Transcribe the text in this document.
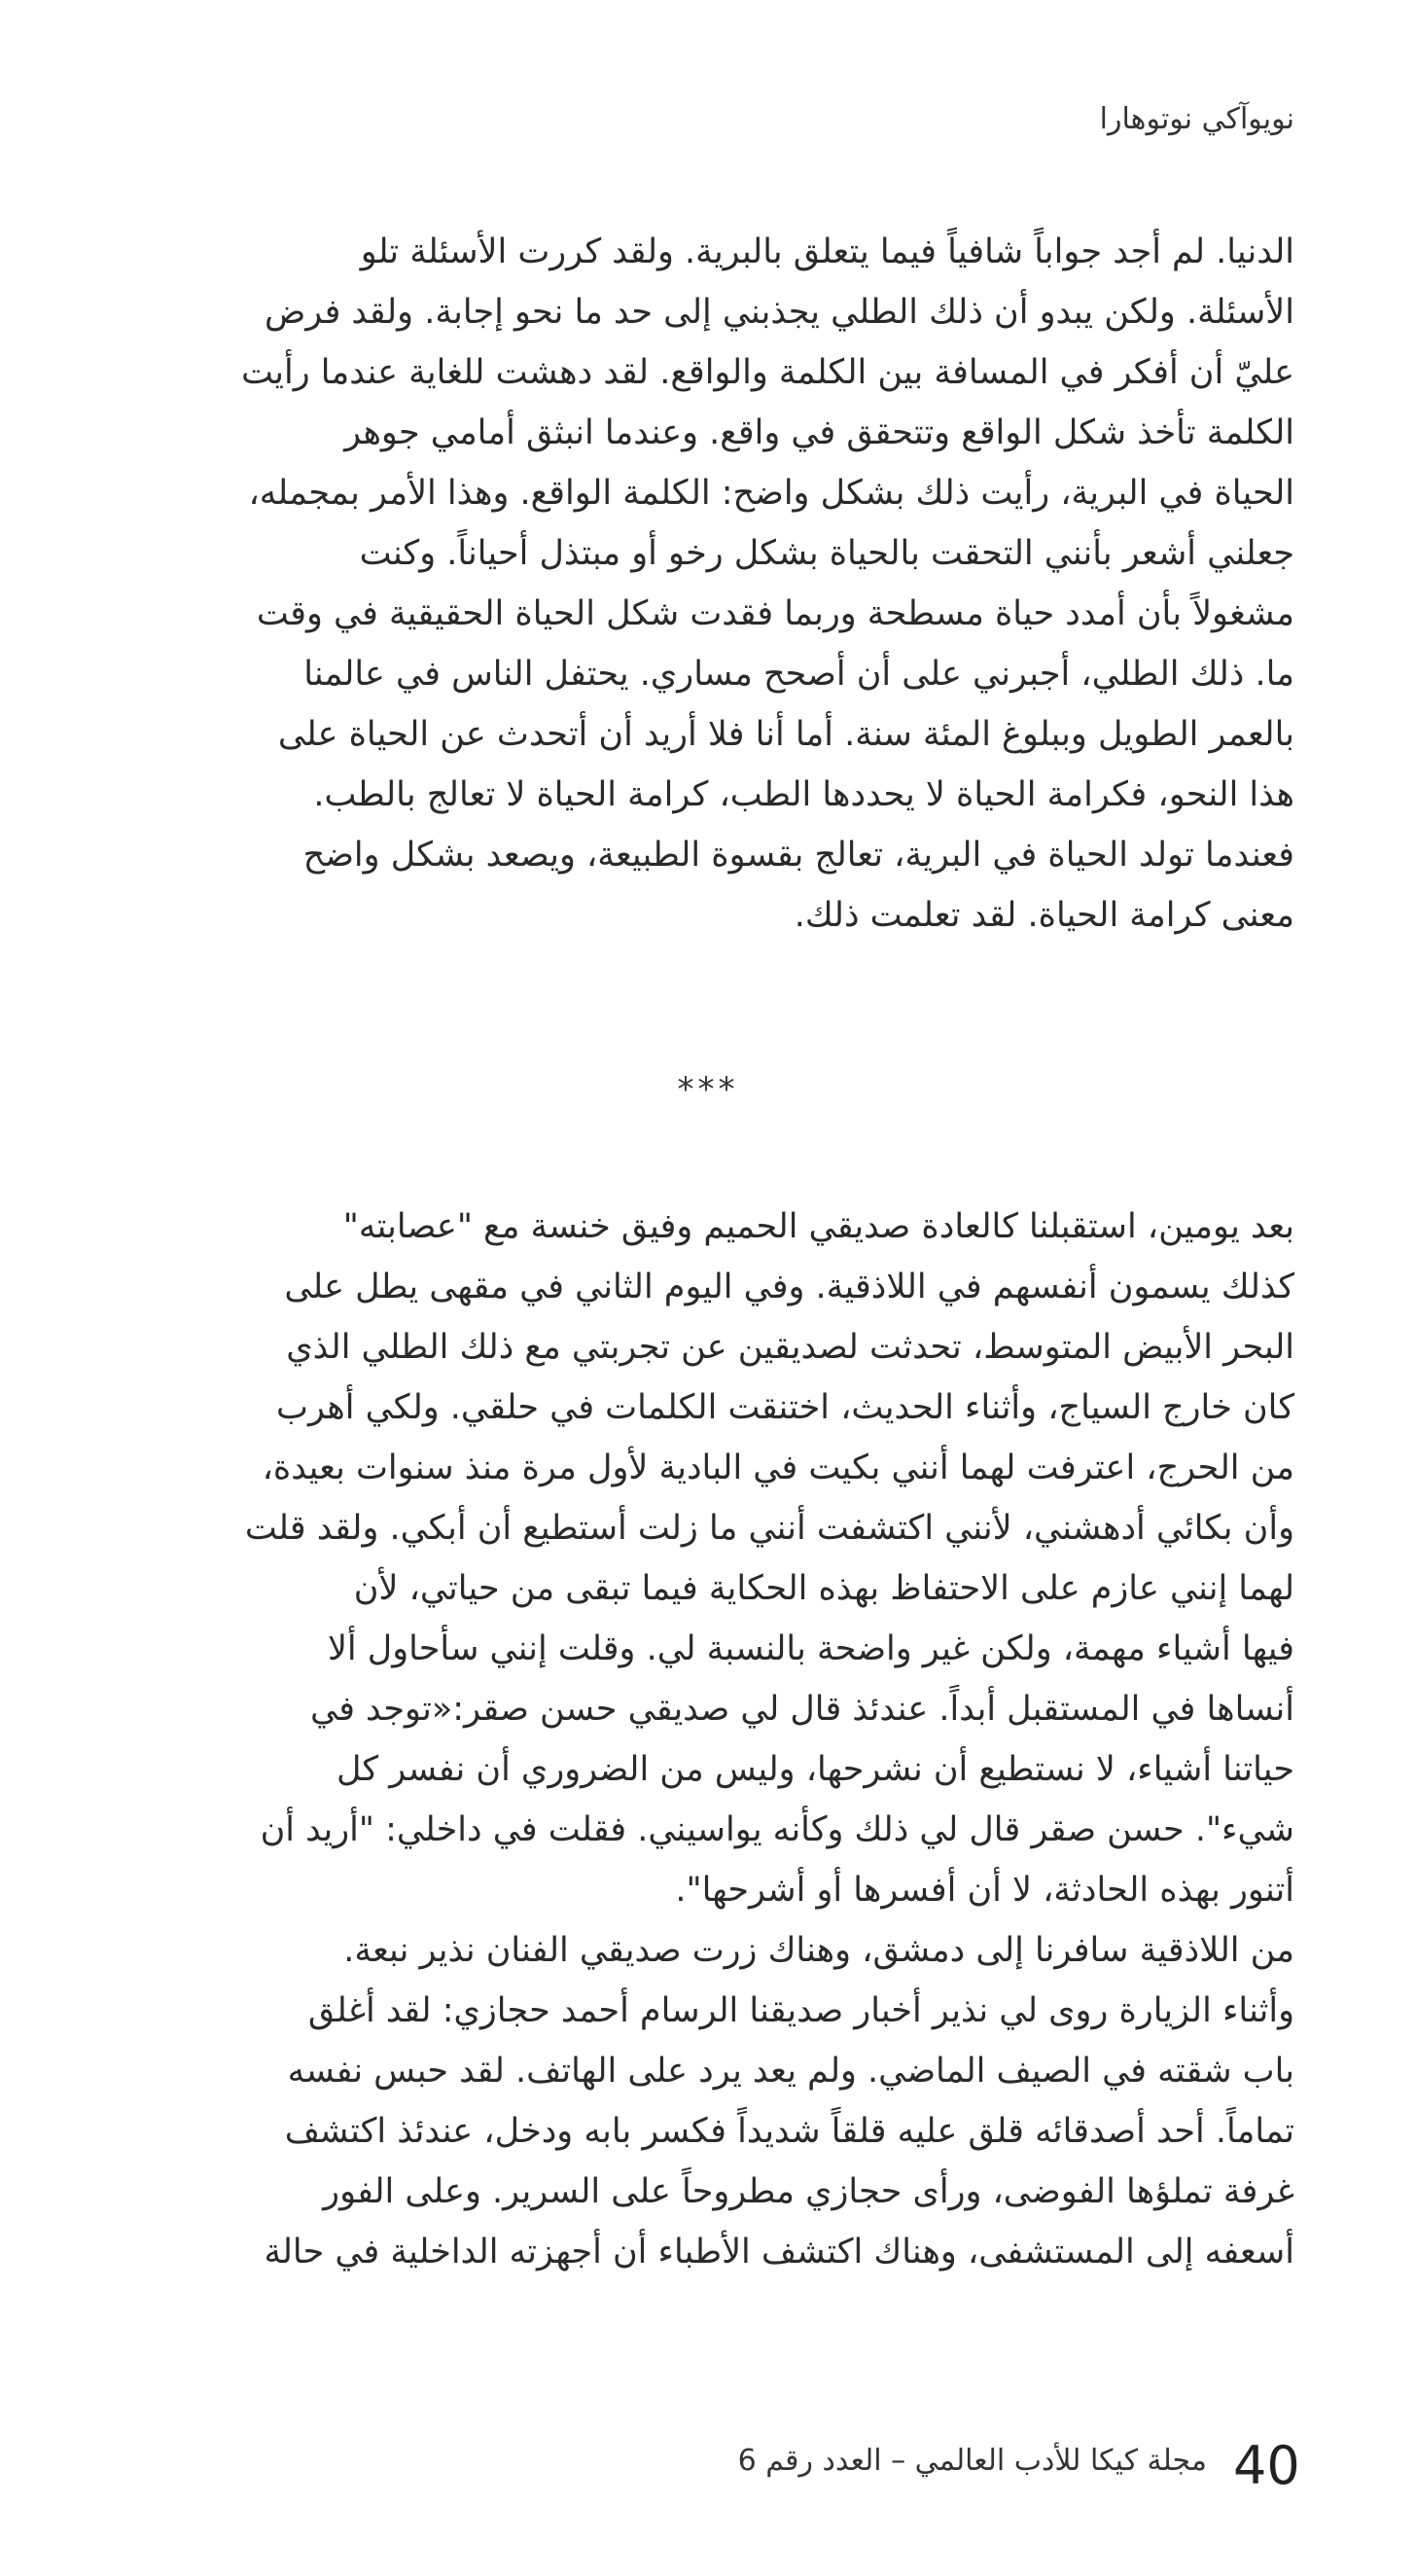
نويوآكي نوتوهارا
الدنيا. لم أجد جواباً شافياً فيما يتعلق بالبرية. ولقد كررت الأسئلة تلو
الأسئلة. ولكن يبدو أن ذلك الطلي يجذبني إلى حد ما نحو إجابة. ولقد فرض
عليّ أن أفكر في المسافة بين الكلمة والواقع. لقد دهشت للغاية عندما رأيت
الكلمة تأخذ شكل الواقع وتتحقق في واقع. وعندما انبثق أمامي جوهر
الحياة في البرية، رأيت ذلك بشكل واضح: الكلمة الواقع. وهذا الأمر بمجمله،
جعلني أشعر بأنني التحقت بالحياة بشكل رخو أو مبتذل أحياناً. وكنت
مشغولاً بأن أمدد حياة مسطحة وربما فقدت شكل الحياة الحقيقية في وقت
ما. ذلك الطلي، أجبرني على أن أصحح مساري. يحتفل الناس في عالمنا
بالعمر الطويل وببلوغ المئة سنة. أما أنا فلا أريد أن أتحدث عن الحياة على
هذا النحو، فكرامة الحياة لا يحددها الطب، كرامة الحياة لا تعالج بالطب.
فعندما تولد الحياة في البرية، تعالج بقسوة الطبيعة، ويصعد بشكل واضح
معنى كرامة الحياة. لقد تعلمت ذلك.
***
بعد يومين، استقبلنا كالعادة صديقي الحميم وفيق خنسة مع "عصابته"
كذلك يسمون أنفسهم في اللاذقية. وفي اليوم الثاني في مقهى يطل على
البحر الأبيض المتوسط، تحدثت لصديقين عن تجربتي مع ذلك الطلي الذي
كان خارج السياج، وأثناء الحديث، اختنقت الكلمات في حلقي. ولكي أهرب
من الحرج، اعترفت لهما أنني بكيت في البادية لأول مرة منذ سنوات بعيدة،
وأن بكائي أدهشني، لأنني اكتشفت أنني ما زلت أستطيع أن أبكي. ولقد قلت
لهما إنني عازم على الاحتفاظ بهذه الحكاية فيما تبقى من حياتي، لأن
فيها أشياء مهمة، ولكن غير واضحة بالنسبة لي. وقلت إنني سأحاول ألا
أنساها في المستقبل أبداً. عندئذ قال لي صديقي حسن صقر:«توجد في
حياتنا أشياء، لا نستطيع أن نشرحها، وليس من الضروري أن نفسر كل
شيء". حسن صقر قال لي ذلك وكأنه يواسيني. فقلت في داخلي: "أريد أن
أتنور بهذه الحادثة، لا أن أفسرها أو أشرحها".
من اللاذقية سافرنا إلى دمشق، وهناك زرت صديقي الفنان نذير نبعة.
وأثناء الزيارة روى لي نذير أخبار صديقنا الرسام أحمد حجازي: لقد أغلق
باب شقته في الصيف الماضي. ولم يعد يرد على الهاتف. لقد حبس نفسه
تماماً. أحد أصدقائه قلق عليه قلقاً شديداً فكسر بابه ودخل، عندئذ اكتشف
غرفة تملؤها الفوضى، ورأى حجازي مطروحاً على السرير. وعلى الفور
أسعفه إلى المستشفى، وهناك اكتشف الأطباء أن أجهزته الداخلية في حالة
40
مجلة كيكا للأدب العالمي – العدد رقم 6
